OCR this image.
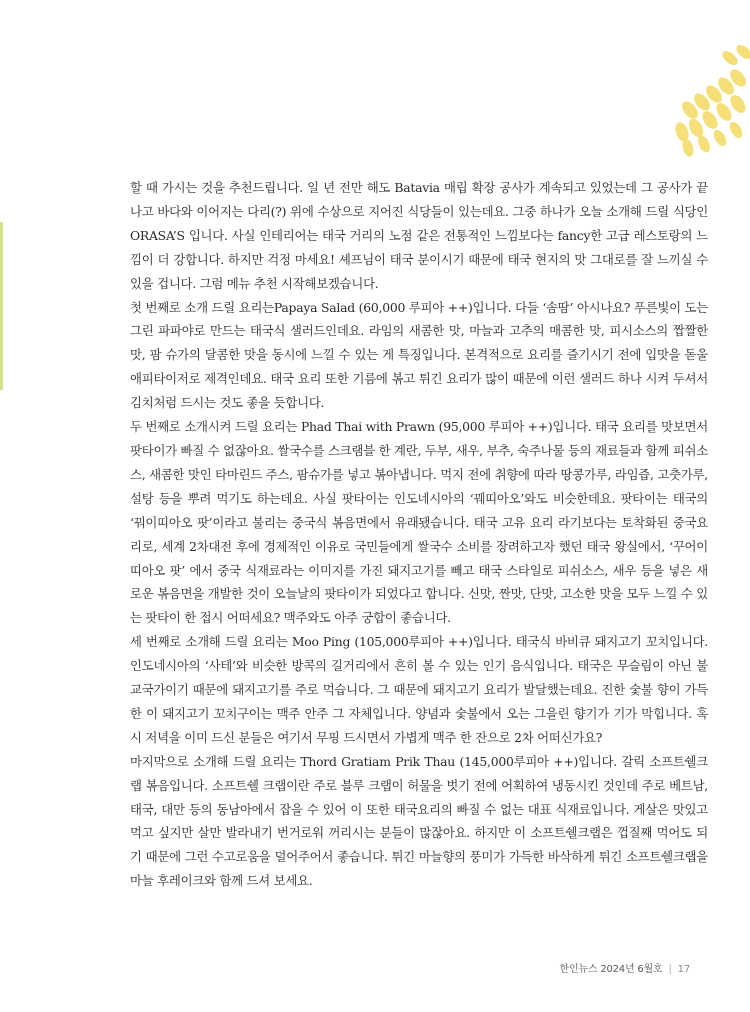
할 때 가시는 것을 추천드립니다. 일 년 전만 해도 Batavia 매립 확장 공사가 계속되고 있었는데 그 공사가 끝나고 바다와 이어지는 다리(?) 위에 수상으로 지어진 식당들이 있는데요. 그중 하나가 오늘 소개해 드릴 식당인 ORASA’S 입니다. 사실 인테리어는 태국 거리의 노점 같은 전통적인 느낌보다는 fancy한 고급 레스토랑의 느낌이 더 강합니다. 하지만 걱정 마세요! 셰프님이 태국 분이시기 때문에 태국 현지의 맛 그대로를 잘 느끼실 수 있을 겁니다. 그럼 메뉴 추천 시작해보겠습니다.

첫 번째로 소개 드릴 요리는Papaya Salad (60,000 루피아 ++)입니다. 다들 ‘솜땀’ 아시나요? 푸른빛이 도는 그린 파파야로 만드는 태국식 샐러드인데요. 라임의 새콤한 맛, 마늘과 고추의 매콤한 맛, 피시소스의 짭짤한 맛, 팜 슈가의 달콤한 맛을 동시에 느낄 수 있는 게 특징입니다. 본격적으로 요리를 즐기시기 전에 입맛을 돋울 애피타이저로 제격인데요. 태국 요리 또한 기름에 볶고 튀긴 요리가 많이 때문에 이런 샐러드 하나 시켜 두셔서 김치처럼 드시는 것도 좋을 듯합니다.

두 번째로 소개시켜 드릴 요리는 Phad Thai with Prawn (95,000 루피아 ++)입니다. 태국 요리를 맛보면서 팟타이가 빠질 수 없잖아요. 쌀국수를 스크램블 한 계란, 두부, 새우, 부추, 숙주나물 등의 재료들과 함께 피쉬소스, 새콤한 맛인 타마린드 주스, 팜슈가를 넣고 볶아냅니다. 먹지 전에 취향에 따라 땅콩가루, 라임즙, 고춧가루, 설탕 등을 뿌려 먹기도 하는데요. 사실 팟타이는 인도네시아의 ‘꿰띠아오’와도 비슷한데요. 팟타이는 태국의 ‘꿔이띠아오 팟’이라고 불리는 중국식 볶음면에서 유래됐습니다. 태국 고유 요리 라기보다는 토착화된 중국요리로, 세계 2차대전 후에 경제적인 이유로 국민들에게 쌀국수 소비를 장려하고자 했던 태국 왕실에서, ‘꾸어이띠아오 팟’ 에서 중국 식재료라는 이미지를 가진 돼지고기를 빼고 태국 스타일로 피쉬소스, 새우 등을 넣은 새로운 볶음면을 개발한 것이 오늘날의 팟타이가 되었다고 합니다. 신맛, 짠맛, 단맛, 고소한 맛을 모두 느낄 수 있는 팟타이 한 접시 어떠세요? 맥주와도 아주 궁합이 좋습니다.

세 번째로 소개해 드릴 요리는 Moo Ping (105,000루피아 ++)입니다. 태국식 바비큐 돼지고기 꼬치입니다. 인도네시아의 ‘사테’와 비슷한 방콕의 길거리에서 흔히 볼 수 있는 인기 음식입니다. 태국은 무슬림이 아닌 불교국가이기 때문에 돼지고기를 주로 먹습니다. 그 때문에 돼지고기 요리가 발달했는데요. 진한 숯불 향이 가득한 이 돼지고기 꼬치구이는 맥주 안주 그 자체입니다. 양념과 숯불에서 오는 그을린 향기가 기가 막힙니다. 혹시 저녁을 이미 드신 분들은 여기서 무핑 드시면서 가볍게 맥주 한 잔으로 2차 어떠신가요?

마지막으로 소개해 드릴 요리는 Thord Gratiam Prik Thau (145,000루피아 ++)입니다. 갈릭 소프트쉘크랩 볶음입니다. 소프트쉘 크랩이란 주로 블루 크랩이 허물을 벗기 전에 어획하여 냉동시킨 것인데 주로 베트남, 태국, 대만 등의 동남아에서 잡을 수 있어 이 또한 태국요리의 빠질 수 없는 대표 식재료입니다. 게살은 맛있고 먹고 싶지만 살만 발라내기 번거로워 꺼리시는 분들이 많잖아요. 하지만 이 소프트쉘크랩은 껍질째 먹어도 되기 때문에 그런 수고로움을 덜어주어서 좋습니다. 튀긴 마늘향의 풍미가 가득한 바삭하게 튀긴 소프트쉘크랩을 마늘 후레이크와 함께 드셔 보세요.

한인뉴스 2024년 6월호 | 17
